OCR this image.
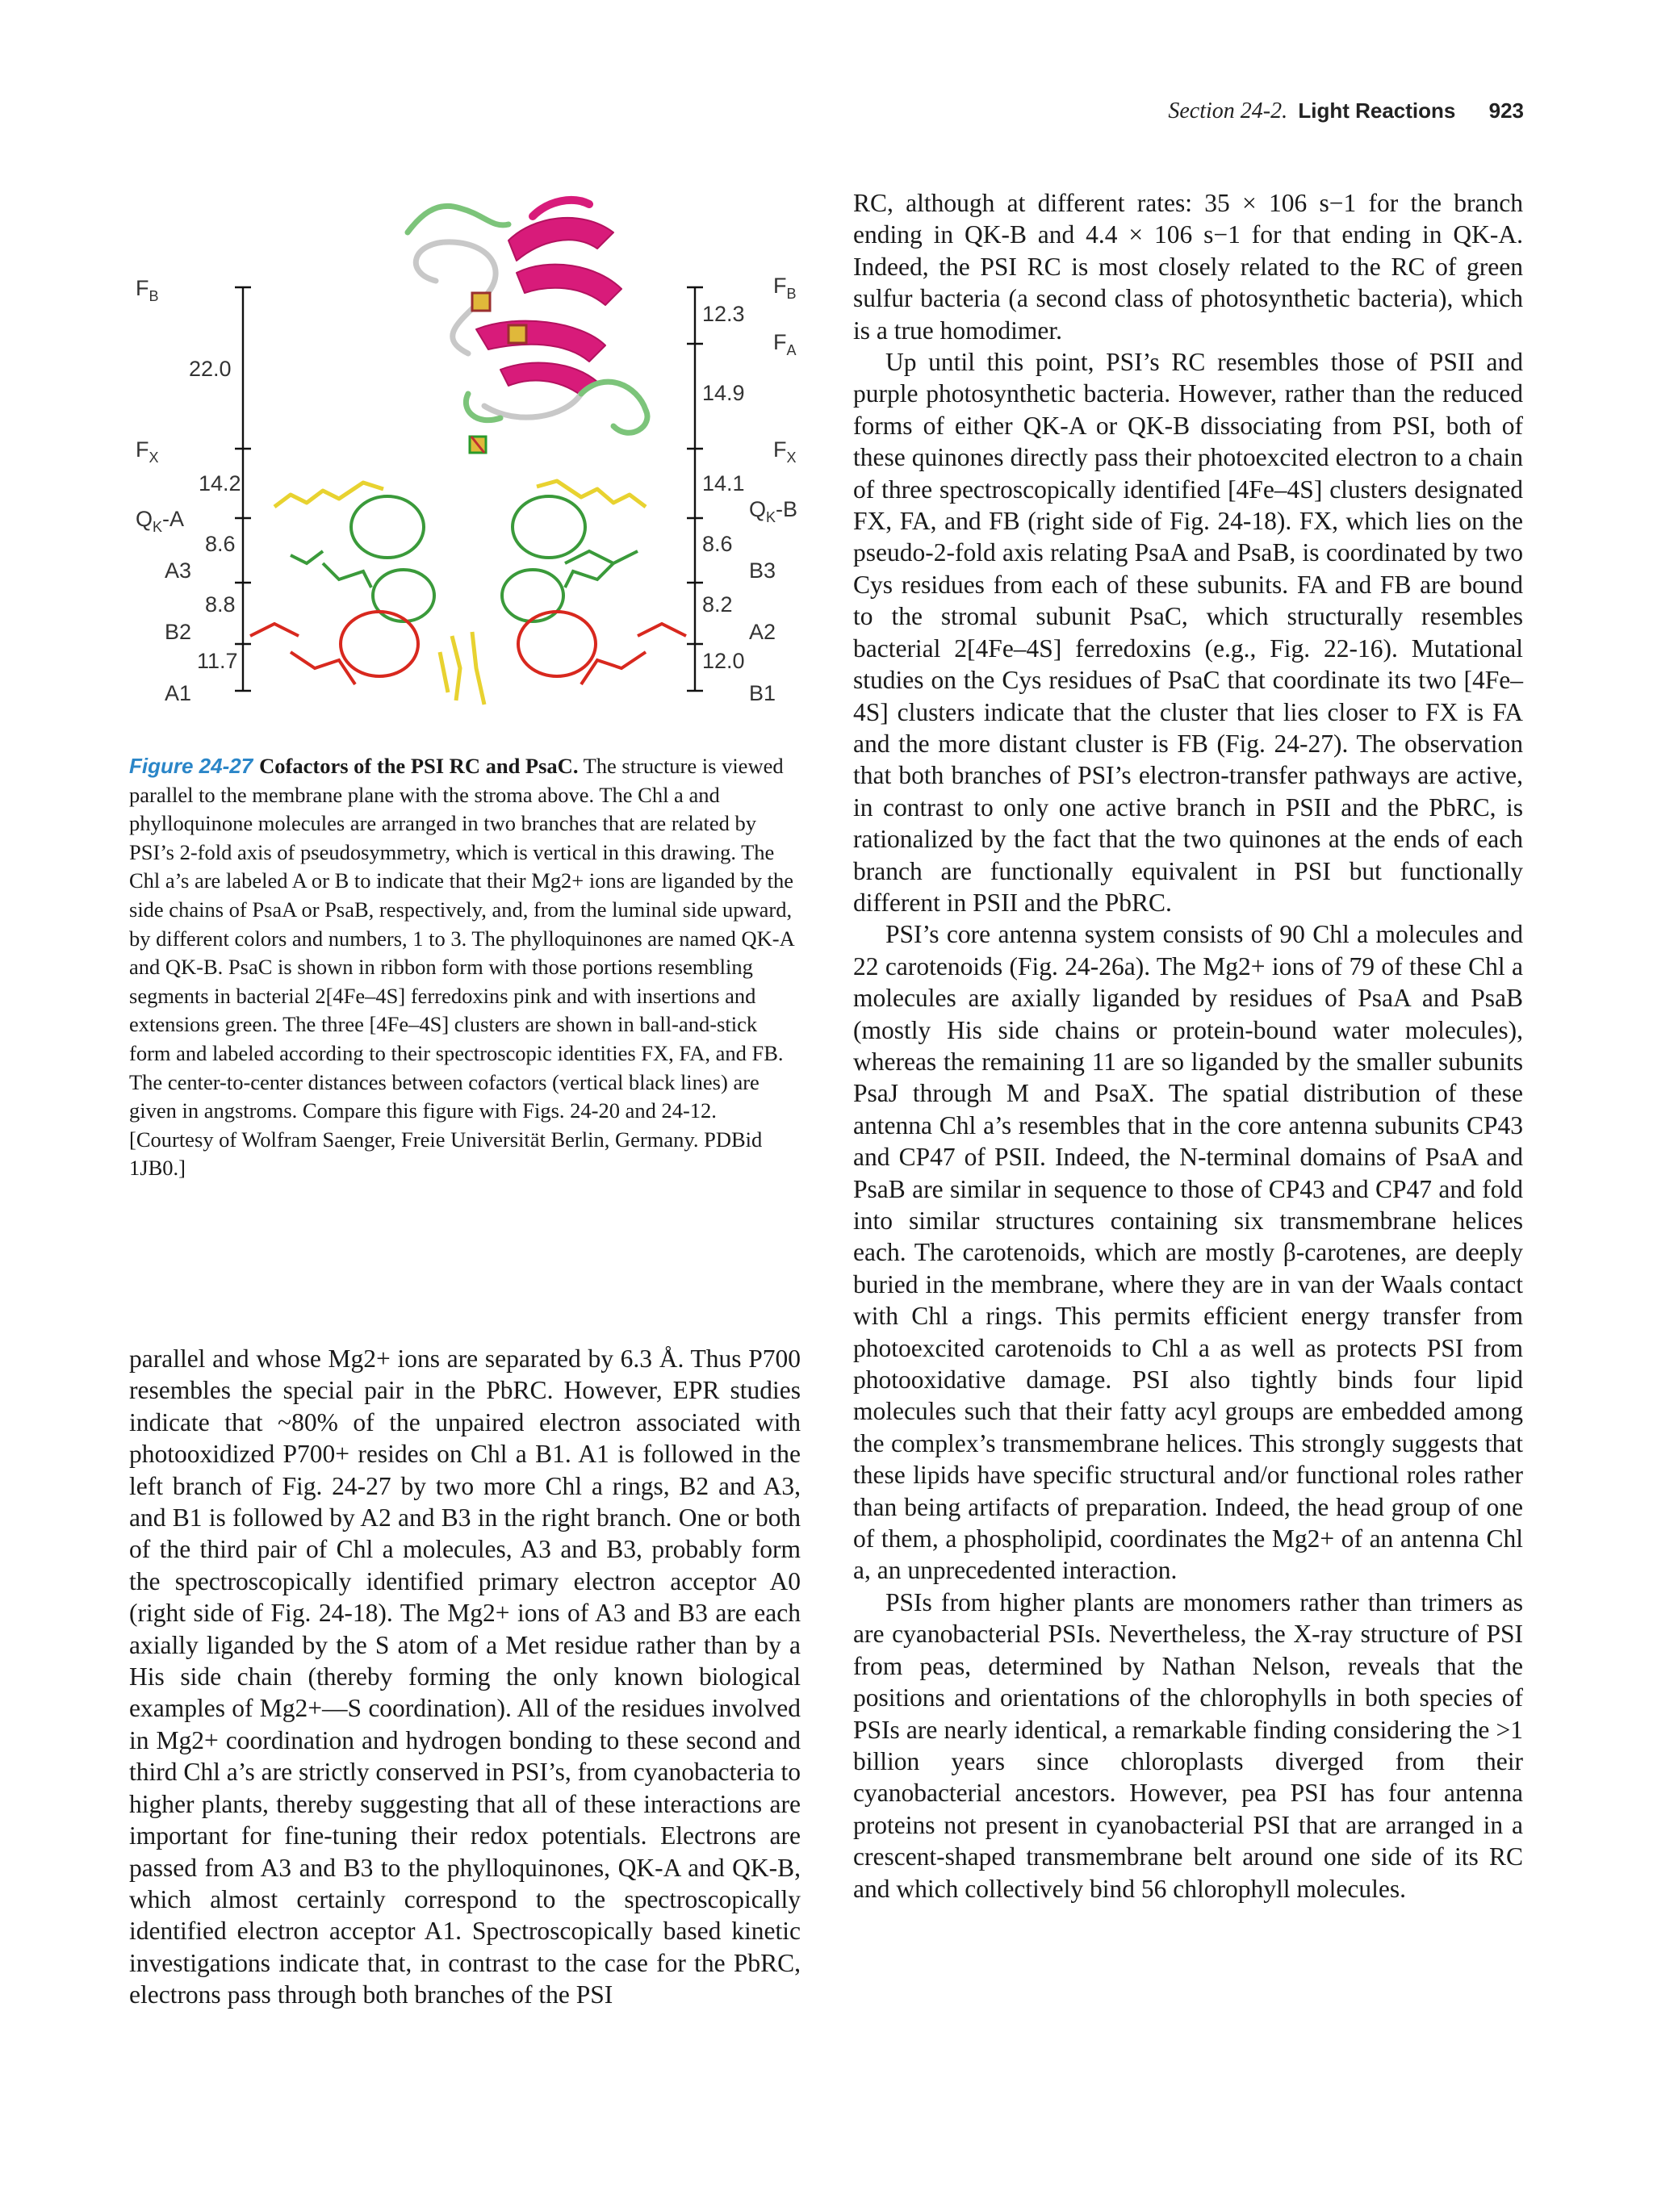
Section 24-2. Light Reactions 923
$F_B$
$F_X$
$Q_K-A$
A3
B2
A1
22.0
14.2
8.6
8.8
11.7
$F_B$
$F_A$
$F_X$
$Q_K-B$
B3
A2
B1
12.3
14.9
14.1
8.6
8.2
12.0
Figure 24-27 Cofactors of the PSI RC and PsaC. The structure is viewed parallel to the membrane plane with the stroma above. The Chl a and phylloquinone molecules are arranged in two branches that are related by PSI’s 2-fold axis of pseudosymmetry, which is vertical in this drawing. The Chl a’s are labeled A or B to indicate that their Mg2+ ions are liganded by the side chains of PsaA or PsaB, respectively, and, from the luminal side upward, by different colors and numbers, 1 to 3. The phylloquinones are named QK-A and QK-B. PsaC is shown in ribbon form with those portions resembling segments in bacterial 2[4Fe–4S] ferredoxins pink and with insertions and extensions green. The three [4Fe–4S] clusters are shown in ball-and-stick form and labeled according to their spectroscopic identities FX, FA, and FB. The center-to-center distances between cofactors (vertical black lines) are given in angstroms. Compare this figure with Figs. 24-20 and 24-12. [Courtesy of Wolfram Saenger, Freie Universität Berlin, Germany. PDBid 1JB0.]

RC, although at different rates: 35 × 106 s−1 for the branch ending in QK-B and 4.4 × 106 s−1 for that ending in QK-A. Indeed, the PSI RC is most closely related to the RC of green sulfur bacteria (a second class of photosynthetic bacteria), which is a true homodimer.

Up until this point, PSI’s RC resembles those of PSII and purple photosynthetic bacteria. However, rather than the reduced forms of either QK-A or QK-B dissociating from PSI, both of these quinones directly pass their photoexcited electron to a chain of three spectroscopically identified [4Fe–4S] clusters designated FX, FA, and FB (right side of Fig. 24-18). FX, which lies on the pseudo-2-fold axis relating PsaA and PsaB, is coordinated by two Cys residues from each of these subunits. FA and FB are bound to the stromal subunit PsaC, which structurally resembles bacterial 2[4Fe–4S] ferredoxins (e.g., Fig. 22-16). Mutational studies on the Cys residues of PsaC that coordinate its two [4Fe–4S] clusters indicate that the cluster that lies closer to FX is FA and the more distant cluster is FB (Fig. 24-27). The observation that both branches of PSI’s electron-transfer pathways are active, in contrast to only one active branch in PSII and the PbRC, is rationalized by the fact that the two quinones at the ends of each branch are functionally equivalent in PSI but functionally different in PSII and the PbRC.

PSI’s core antenna system consists of 90 Chl a molecules and 22 carotenoids (Fig. 24-26a). The Mg2+ ions of 79 of these Chl a molecules are axially liganded by residues of PsaA and PsaB (mostly His side chains or protein-bound water molecules), whereas the remaining 11 are so liganded by the smaller subunits PsaJ through M and PsaX. The spatial distribution of these antenna Chl a’s resembles that in the core antenna subunits CP43 and CP47 of PSII. Indeed, the N-terminal domains of PsaA and PsaB are similar in sequence to those of CP43 and CP47 and fold into similar structures containing six transmembrane helices each. The carotenoids, which are mostly β-carotenes, are deeply buried in the membrane, where they are in van der Waals contact with Chl a rings. This permits efficient energy transfer from photoexcited carotenoids to Chl a as well as protects PSI from photooxidative damage. PSI also tightly binds four lipid molecules such that their fatty acyl groups are embedded among the complex’s transmembrane helices. This strongly suggests that these lipids have specific structural and/or functional roles rather than being artifacts of preparation. Indeed, the head group of one of them, a phospholipid, coordinates the Mg2+ of an antenna Chl a, an unprecedented interaction.

PSIs from higher plants are monomers rather than trimers as are cyanobacterial PSIs. Nevertheless, the X-ray structure of PSI from peas, determined by Nathan Nelson, reveals that the positions and orientations of the chlorophylls in both species of PSIs are nearly identical, a remarkable finding considering the >1 billion years since chloroplasts diverged from their cyanobacterial ancestors. However, pea PSI has four antenna proteins not present in cyanobacterial PSI that are arranged in a crescent-shaped transmembrane belt around one side of its RC and which collectively bind 56 chlorophyll molecules.

parallel and whose Mg2+ ions are separated by 6.3 Å. Thus P700 resembles the special pair in the PbRC. However, EPR studies indicate that ~80% of the unpaired electron associated with photooxidized P700+ resides on Chl a B1. A1 is followed in the left branch of Fig. 24-27 by two more Chl a rings, B2 and A3, and B1 is followed by A2 and B3 in the right branch. One or both of the third pair of Chl a molecules, A3 and B3, probably form the spectroscopically identified primary electron acceptor A0 (right side of Fig. 24-18). The Mg2+ ions of A3 and B3 are each axially liganded by the S atom of a Met residue rather than by a His side chain (thereby forming the only known biological examples of Mg2+—S coordination). All of the residues involved in Mg2+ coordination and hydrogen bonding to these second and third Chl a’s are strictly conserved in PSI’s, from cyanobacteria to higher plants, thereby suggesting that all of these interactions are important for fine-tuning their redox potentials. Electrons are passed from A3 and B3 to the phylloquinones, QK-A and QK-B, which almost certainly correspond to the spectroscopically identified electron acceptor A1. Spectroscopically based kinetic investigations indicate that, in contrast to the case for the PbRC, electrons pass through both branches of the PSI
